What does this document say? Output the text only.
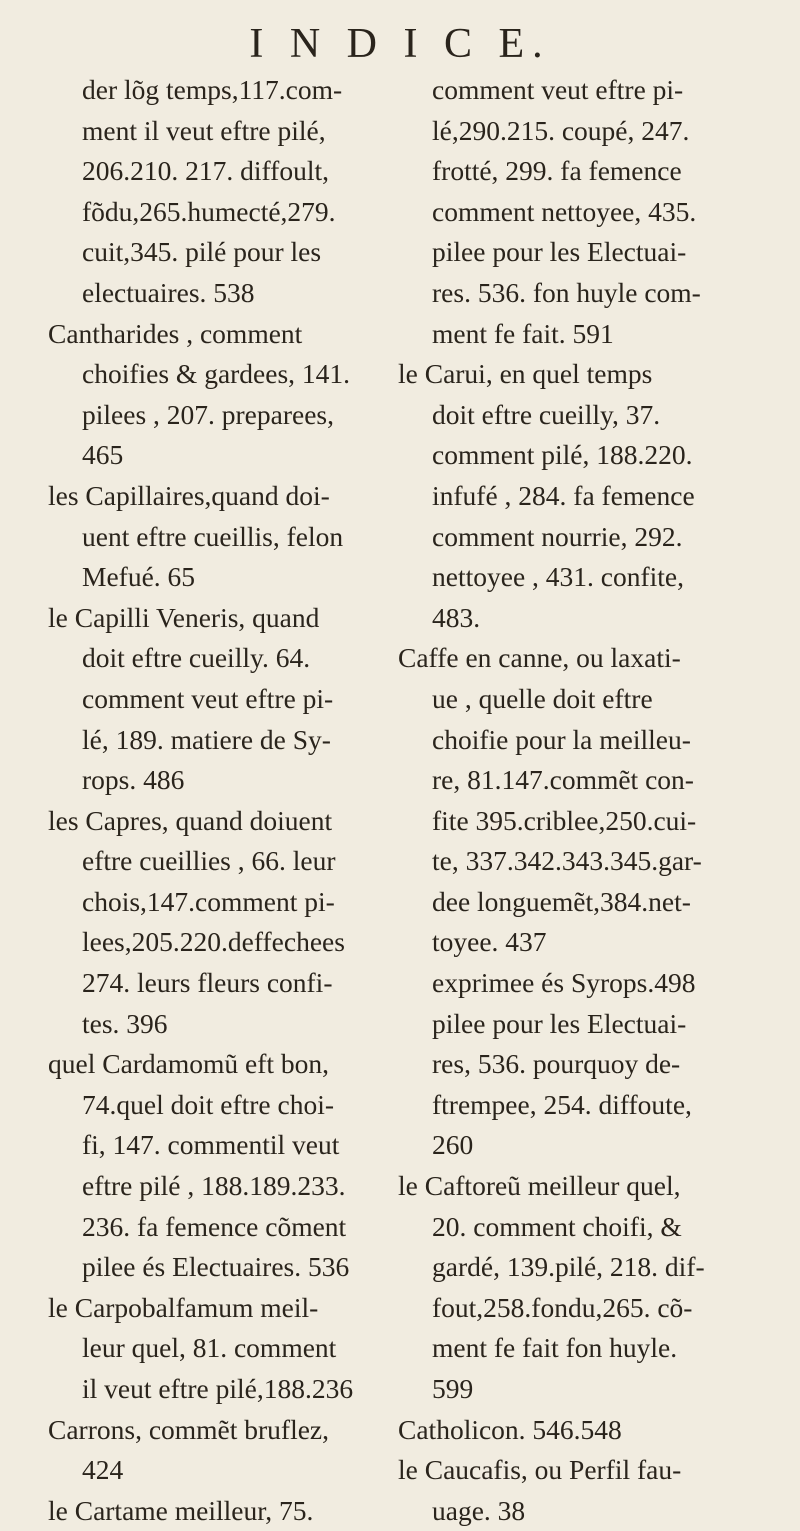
I N D I C E.
der lõg temps,117.com-
ment il veut eftre pilé,
206.210. 217. diffoult,
fõdu,265.humecté,279.
cuit,345. pilé pour les
electuaires. 538
Cantharides , comment
choifies & gardees, 141.
pilees , 207. preparees,
465
les Capillaires,quand doi-
uent eftre cueillis, felon
Mefué. 65
le Capilli Veneris, quand
doit eftre cueilly. 64.
comment veut eftre pi-
lé, 189. matiere de Sy-
rops. 486
les Capres, quand doiuent
eftre cueillies , 66. leur
chois,147.comment pi-
lees,205.220.deffechees
274. leurs fleurs confi-
tes. 396
quel Cardamomũ eft bon,
74.quel doit eftre choi-
fi, 147. commentil veut
eftre pilé , 188.189.233.
236. fa femence cõment
pilee és Electuaires. 536
le Carpobalfamum meil-
leur quel, 81. comment
il veut eftre pilé,188.236
Carrons, commẽt bruflez,
424
le Cartame meilleur, 75.
comment veut eftre pi-
lé,290.215. coupé, 247.
frotté, 299. fa femence
comment nettoyee, 435.
pilee pour les Electuai-
res. 536. fon huyle com-
ment fe fait. 591
le Carui, en quel temps
doit eftre cueilly, 37.
comment pilé, 188.220.
infufé , 284. fa femence
comment nourrie, 292.
nettoyee , 431. confite,
483.
Caffe en canne, ou laxati-
ue , quelle doit eftre
choifie pour la meilleu-
re, 81.147.commẽt con-
fite 395.criblee,250.cui-
te, 337.342.343.345.gar-
dee longuemẽt,384.net-
toyee. 437
exprimee és Syrops.498
pilee pour les Electuai-
res, 536. pourquoy de-
ftrempee, 254. diffoute,
260
le Caftoreũ meilleur quel,
20. comment choifi, &
gardé, 139.pilé, 218. dif-
fout,258.fondu,265. cõ-
ment fe fait fon huyle.
599
Catholicon. 546.548
le Caucafis, ou Perfil fau-
uage. 38
